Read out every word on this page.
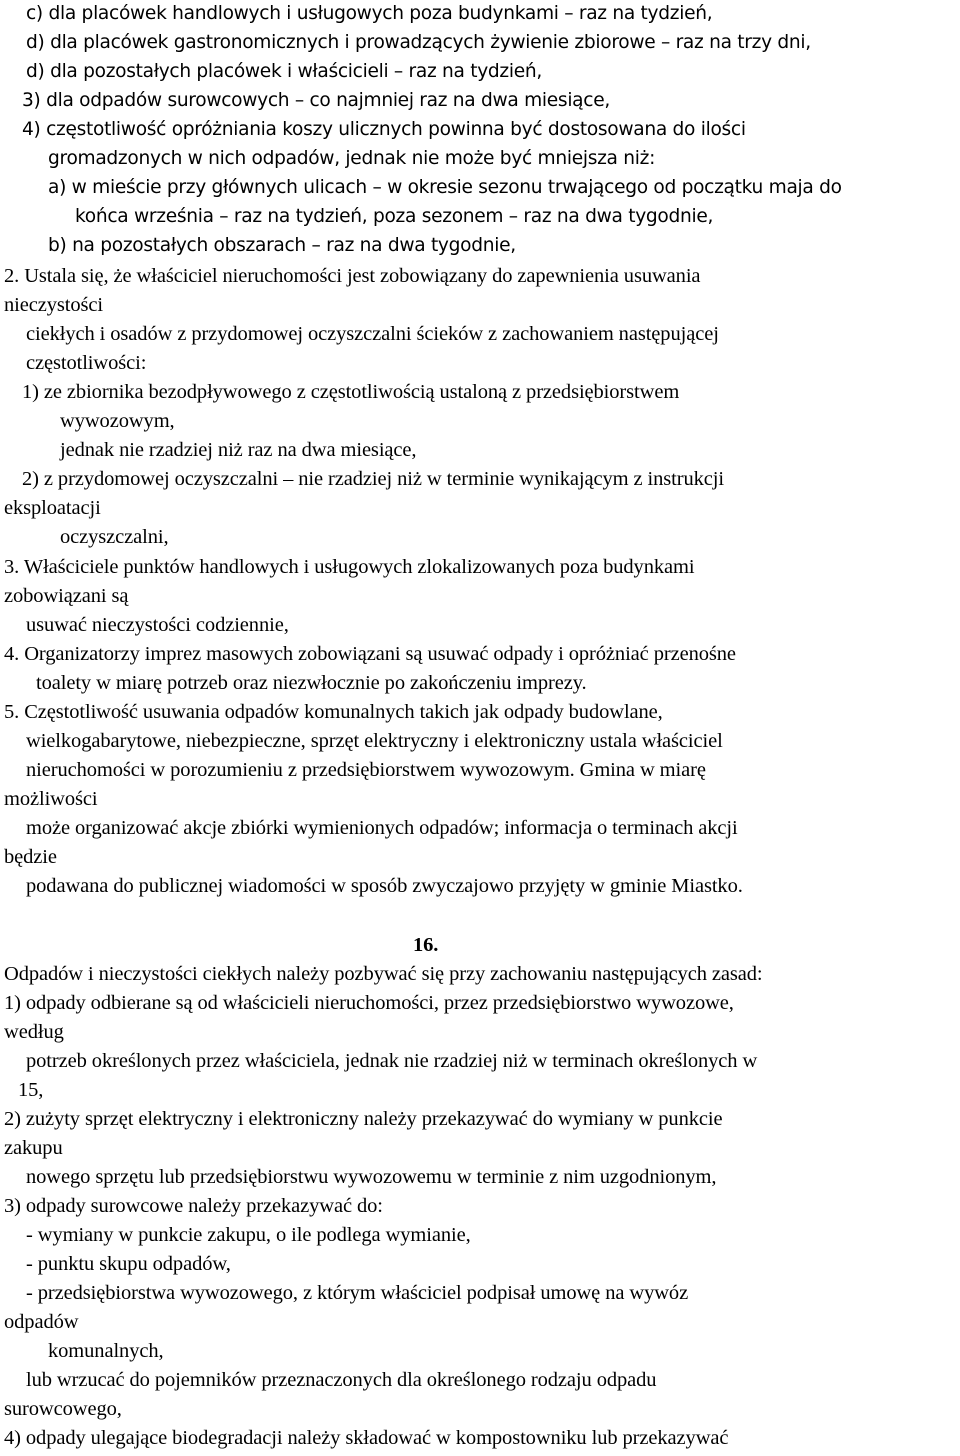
c) dla placówek handlowych i usługowych poza budynkami – raz na tydzień,
d) dla placówek gastronomicznych i prowadzących żywienie zbiorowe – raz na trzy dni,
d) dla pozostałych placówek i właścicieli – raz na tydzień,
3) dla odpadów surowcowych – co najmniej raz na dwa miesiące,
4) częstotliwość opróżniania koszy ulicznych powinna być dostosowana do ilości
gromadzonych w nich odpadów, jednak nie może być mniejsza niż:
a) w mieście przy głównych ulicach – w okresie sezonu trwającego od początku maja do
końca września – raz na tydzień, poza sezonem – raz na dwa tygodnie,
b) na pozostałych obszarach – raz na dwa tygodnie,
2. Ustala się, że właściciel nieruchomości jest zobowiązany do zapewnienia usuwania
nieczystości
ciekłych i osadów z przydomowej oczyszczalni ścieków z zachowaniem następującej
częstotliwości:
1) ze zbiornika bezodpływowego z częstotliwością ustaloną z przedsiębiorstwem
wywozowym,
jednak nie rzadziej niż raz na dwa miesiące,
2) z przydomowej oczyszczalni – nie rzadziej niż w terminie wynikającym z instrukcji
eksploatacji
oczyszczalni,
3. Właściciele punktów handlowych i usługowych zlokalizowanych poza budynkami
zobowiązani są
usuwać nieczystości codziennie,
4. Organizatorzy imprez masowych zobowiązani są usuwać odpady i opróżniać przenośne
toalety w miarę potrzeb oraz niezwłocznie po zakończeniu imprezy.
5. Częstotliwość usuwania odpadów komunalnych takich jak odpady budowlane,
wielkogabarytowe, niebezpieczne, sprzęt elektryczny i elektroniczny ustala właściciel
nieruchomości w porozumieniu z przedsiębiorstwem wywozowym. Gmina w miarę
możliwości
może organizować akcje zbiórki wymienionych odpadów; informacja o terminach akcji
będzie
podawana do publicznej wiadomości w sposób zwyczajowo przyjęty w gminie Miastko.
16.
Odpadów i nieczystości ciekłych należy pozbywać się przy zachowaniu następujących zasad:
1) odpady odbierane są od właścicieli nieruchomości, przez przedsiębiorstwo wywozowe,
według
potrzeb określonych przez właściciela, jednak nie rzadziej niż w terminach określonych w
15,
2) zużyty sprzęt elektryczny i elektroniczny należy przekazywać do wymiany w punkcie
zakupu
nowego sprzętu lub przedsiębiorstwu wywozowemu w terminie z nim uzgodnionym,
3) odpady surowcowe należy przekazywać do:
- wymiany w punkcie zakupu, o ile podlega wymianie,
- punktu skupu odpadów,
- przedsiębiorstwa wywozowego, z którym właściciel podpisał umowę na wywóz
odpadów
komunalnych,
lub wrzucać do pojemników przeznaczonych dla określonego rodzaju odpadu
surowcowego,
4) odpady ulegające biodegradacji należy składować w kompostowniku lub przekazywać
